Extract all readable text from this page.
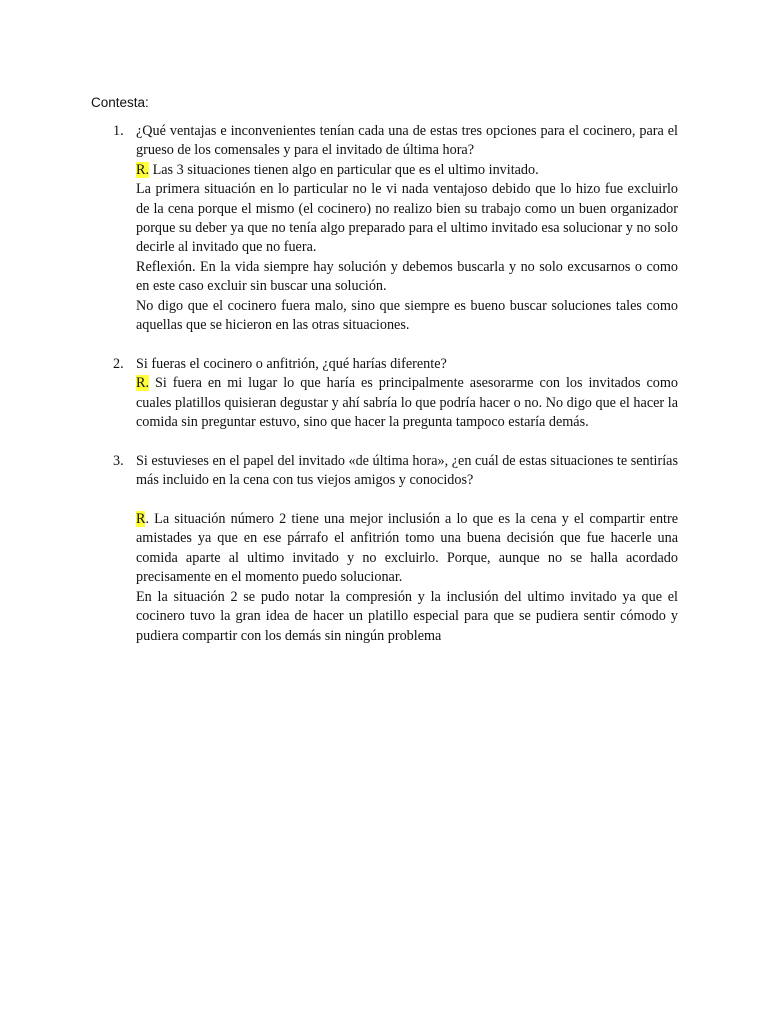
Contesta:
1. ¿Qué ventajas e inconvenientes tenían cada una de estas tres opciones para el cocinero, para el grueso de los comensales y para el invitado de última hora?
R. Las 3 situaciones tienen algo en particular que es el ultimo invitado.
La primera situación en lo particular no le vi nada ventajoso debido que lo hizo fue excluirlo de la cena porque el mismo (el cocinero) no realizo bien su trabajo como un buen organizador porque su deber ya que no tenía algo preparado para el ultimo invitado esa solucionar y no solo decirle al invitado que no fuera.
Reflexión. En la vida siempre hay solución y debemos buscarla y no solo excusarnos o como en este caso excluir sin buscar una solución.
No digo que el cocinero fuera malo, sino que siempre es bueno buscar soluciones tales como aquellas que se hicieron en las otras situaciones.
2. Si fueras el cocinero o anfitrión, ¿qué harías diferente?
R. Si fuera en mi lugar lo que haría es principalmente asesorarme con los invitados como cuales platillos quisieran degustar y ahí sabría lo que podría hacer o no. No digo que el hacer la comida sin preguntar estuvo, sino que hacer la pregunta tampoco estaría demás.
3. Si estuvieses en el papel del invitado «de última hora», ¿en cuál de estas situaciones te sentirías más incluido en la cena con tus viejos amigos y conocidos?
R. La situación número 2 tiene una mejor inclusión a lo que es la cena y el compartir entre amistades ya que en ese párrafo el anfitrión tomo una buena decisión que fue hacerle una comida aparte al ultimo invitado y no excluirlo. Porque, aunque no se halla acordado precisamente en el momento puedo solucionar.
En la situación 2 se pudo notar la compresión y la inclusión del ultimo invitado ya que el cocinero tuvo la gran idea de hacer un platillo especial para que se pudiera sentir cómodo y pudiera compartir con los demás sin ningún problema
